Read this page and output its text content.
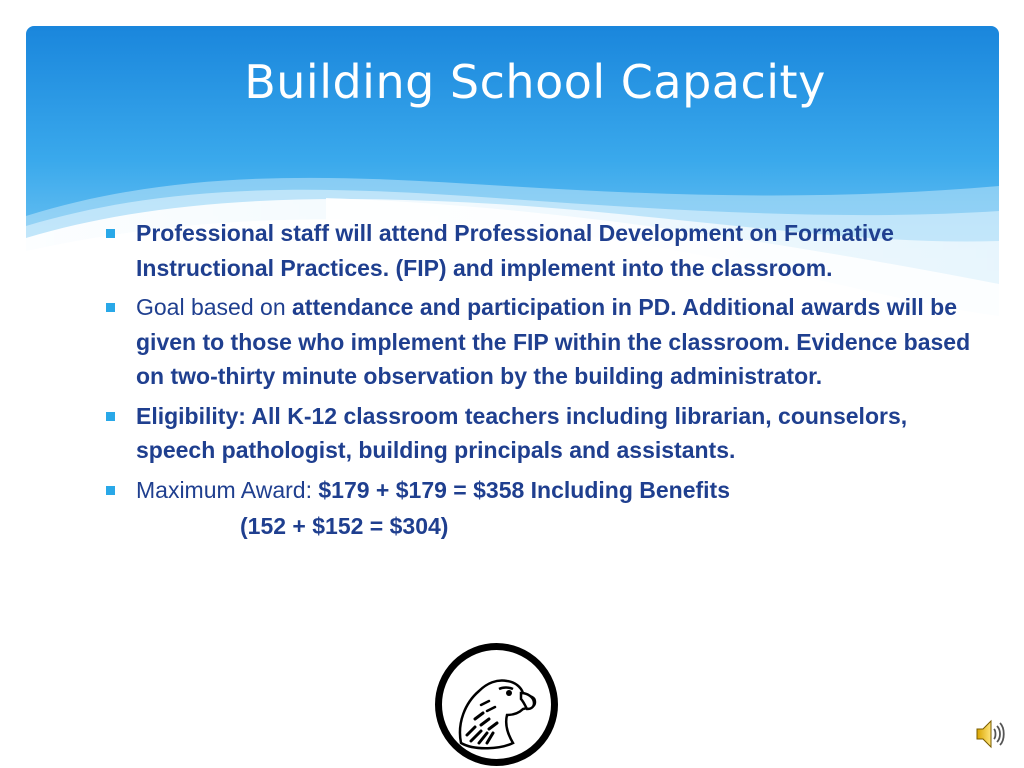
Building School Capacity
Professional staff will attend Professional Development on Formative Instructional Practices. (FIP) and implement into the classroom.
Goal based on attendance and participation in PD. Additional awards will be given to those who implement the FIP within the classroom. Evidence based on two-thirty minute observation by the building administrator.
Eligibility: All K-12 classroom teachers including librarian, counselors, speech pathologist, building principals and assistants.
Maximum Award: $179 + $179 = $358 Including Benefits
(152 + $152 = $304)
